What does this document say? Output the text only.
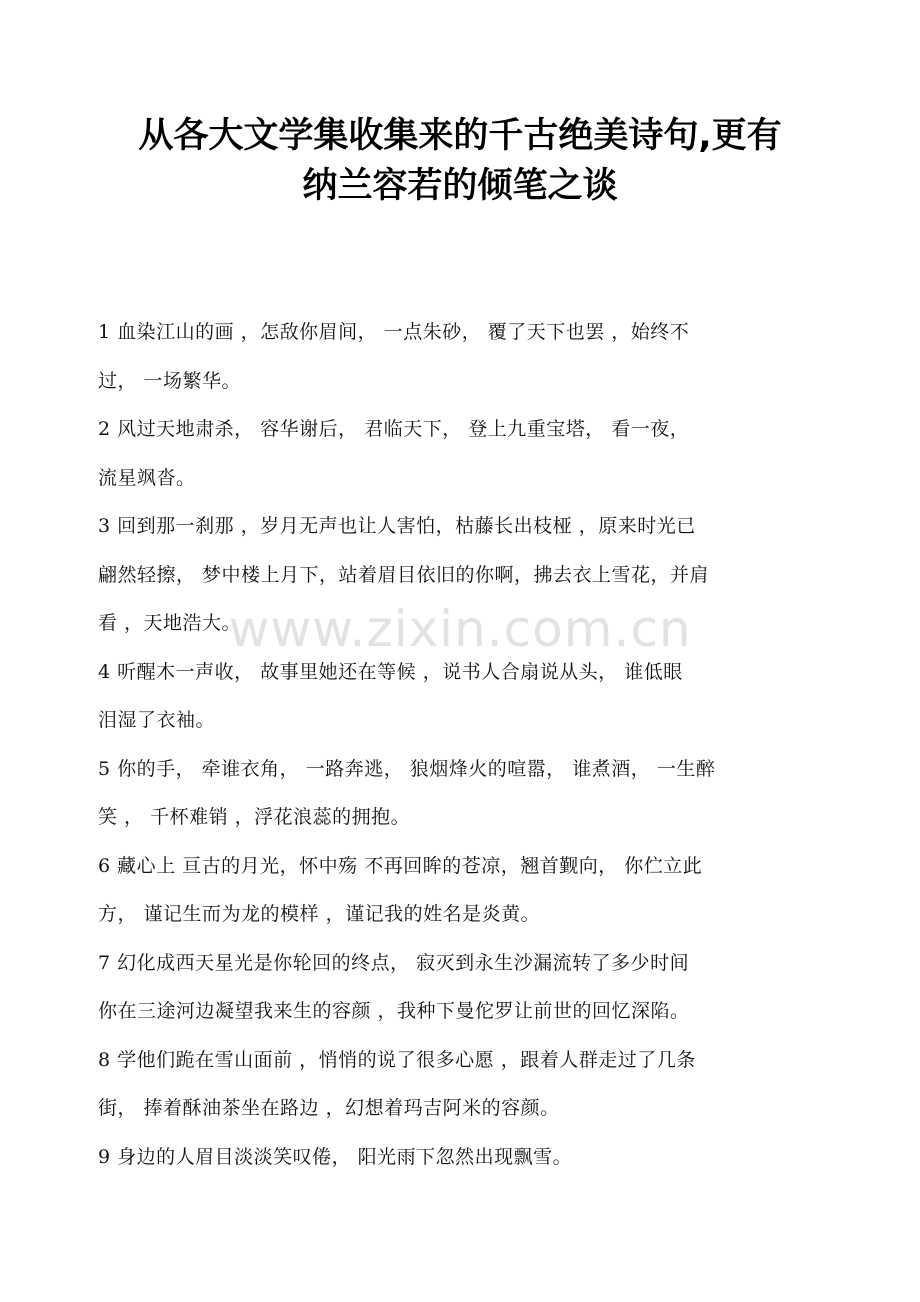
从各大文学集收集来的千古绝美诗句,更有
纳兰容若的倾笔之谈
1 血染江山的画 ，怎敌你眉间， 一点朱砂， 覆了天下也罢 ，始终不
过， 一场繁华。
2 风过天地肃杀， 容华谢后， 君临天下， 登上九重宝塔， 看一夜，
流星飒沓。
3 回到那一刹那 ，岁月无声也让人害怕，枯藤长出枝桠 ，原来时光已
翩然轻擦， 梦中楼上月下，站着眉目依旧的你啊，拂去衣上雪花，并肩
看 ，天地浩大。
4 听醒木一声收， 故事里她还在等候 ，说书人合扇说从头， 谁低眼
泪湿了衣袖。
5 你的手， 牵谁衣角， 一路奔逃， 狼烟烽火的喧嚣， 谁煮酒， 一生醉
笑 ， 千杯难销 ，浮花浪蕊的拥抱。
6 藏心上 亘古的月光，怀中殇 不再回眸的苍凉，翘首觐向， 你伫立此
方， 谨记生而为龙的模样 ，谨记我的姓名是炎黄。
7 幻化成西天星光是你轮回的终点， 寂灭到永生沙漏流转了多少时间
你在三途河边凝望我来生的容颜 ，我种下曼佗罗让前世的回忆深陷。
8 学他们跪在雪山面前 ，悄悄的说了很多心愿 ，跟着人群走过了几条
街， 捧着酥油茶坐在路边 ，幻想着玛吉阿米的容颜。
9 身边的人眉目淡淡笑叹倦， 阳光雨下忽然出现飘雪。
www.zixin.com.cn
